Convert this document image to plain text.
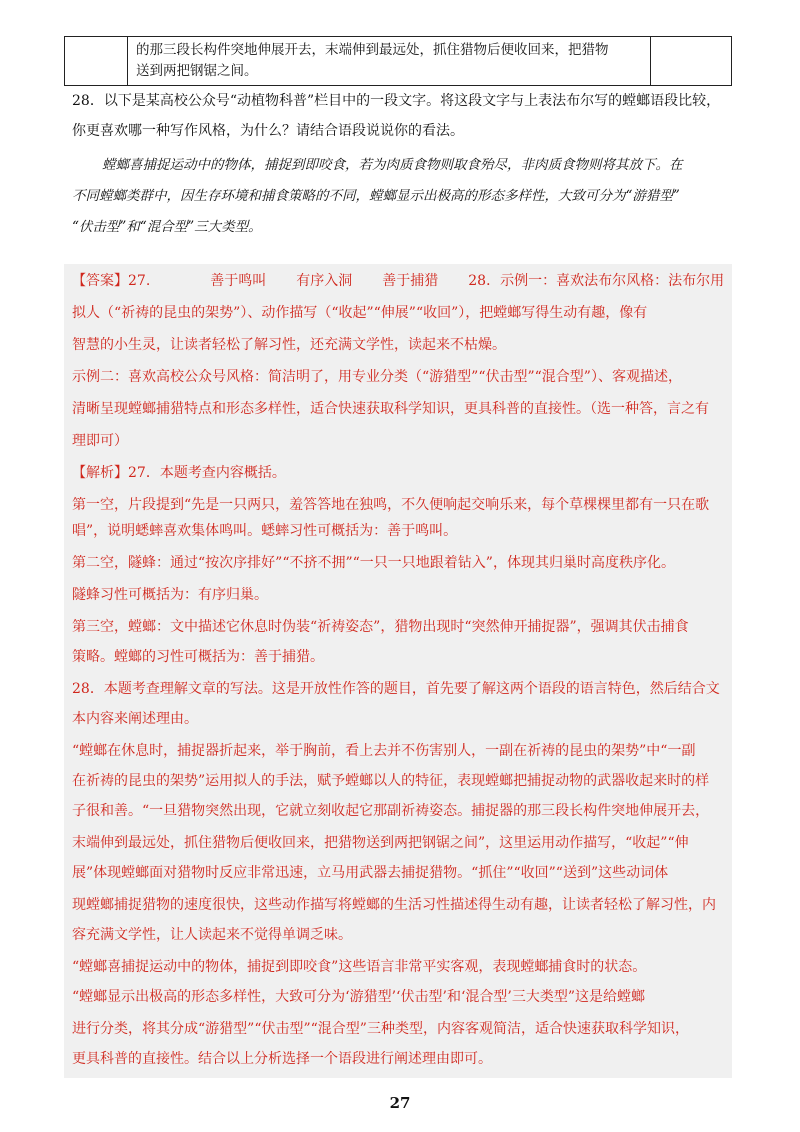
的那三段长构件突地伸展开去，末端伸到最远处，抓住猎物后便收回来，把猎物
送到两把钢锯之间。
28．以下是某高校公众号“动植物科普”栏目中的一段文字。将这段文字与上表法布尔写的螳螂语段比较，
你更喜欢哪一种写作风格，为什么？请结合语段说说你的看法。
螳螂喜捕捉运动中的物体，捕捉到即咬食，若为肉质食物则取食殆尽，非肉质食物则将其放下。在
不同螳螂类群中，因生存环境和捕食策略的不同，螳螂显示出极高的形态多样性，大致可分为“游猎型”
“伏击型”和“混合型”三大类型。
【答案】27.	善于鸣叫 有序入洞 善于捕猎 28．示例一：喜欢法布尔风格：法布尔用
拟人（“祈祷的昆虫的架势”）、动作描写（“收起”“伸展”“收回”），把螳螂写得生动有趣，像有
智慧的小生灵，让读者轻松了解习性，还充满文学性，读起来不枯燥。
示例二：喜欢高校公众号风格：简洁明了，用专业分类（“游猎型”“伏击型”“混合型”）、客观描述，
清晰呈现螳螂捕猎特点和形态多样性，适合快速获取科学知识，更具科普的直接性。（选一种答，言之有
理即可）
【解析】27．本题考查内容概括。
第一空，片段提到“先是一只两只，羞答答地在独鸣，不久便响起交响乐来，每个草棵棵里都有一只在歌
唱”，说明蟋蟀喜欢集体鸣叫。蟋蟀习性可概括为：善于鸣叫。
第二空，隧蜂：通过“按次序排好”“不挤不拥”“一只一只地跟着钻入”，体现其归巢时高度秩序化。
隧蜂习性可概括为：有序归巢。
第三空，螳螂：文中描述它休息时伪装“祈祷姿态”，猎物出现时“突然伸开捕捉器”，强调其伏击捕食
策略。螳螂的习性可概括为：善于捕猎。
28．本题考查理解文章的写法。这是开放性作答的题目，首先要了解这两个语段的语言特色，然后结合文
本内容来阐述理由。
“螳螂在休息时，捕捉器折起来，举于胸前，看上去并不伤害别人，一副在祈祷的昆虫的架势”中“一副
在祈祷的昆虫的架势”运用拟人的手法，赋予螳螂以人的特征，表现螳螂把捕捉动物的武器收起来时的样
子很和善。“一旦猎物突然出现，它就立刻收起它那副祈祷姿态。捕捉器的那三段长构件突地伸展开去，
末端伸到最远处，抓住猎物后便收回来，把猎物送到两把钢锯之间”，这里运用动作描写，“收起”“伸
展”体现螳螂面对猎物时反应非常迅速，立马用武器去捕捉猎物。“抓住”“收回”“送到”这些动词体
现螳螂捕捉猎物的速度很快，这些动作描写将螳螂的生活习性描述得生动有趣，让读者轻松了解习性，内
容充满文学性，让人读起来不觉得单调乏味。
“螳螂喜捕捉运动中的物体，捕捉到即咬食”这些语言非常平实客观，表现螳螂捕食时的状态。
“螳螂显示出极高的形态多样性，大致可分为‘游猎型’‘伏击型’和‘混合型’三大类型”这是给螳螂
进行分类，将其分成“游猎型”“伏击型”“混合型”三种类型，内容客观简洁，适合快速获取科学知识，
更具科普的直接性。结合以上分析选择一个语段进行阐述理由即可。
27
